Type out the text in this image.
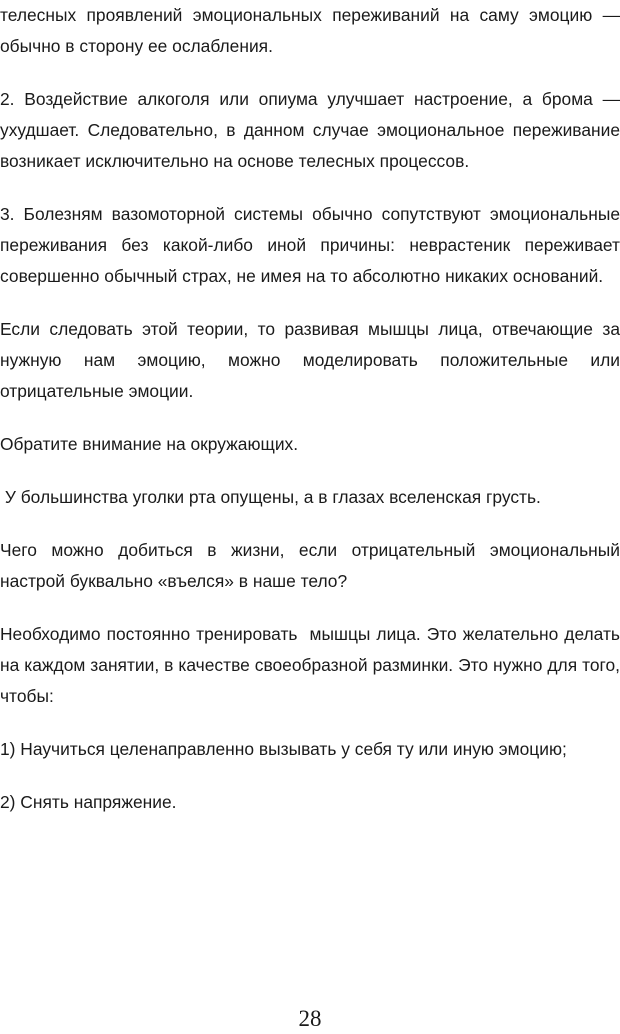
телесных проявлений эмоциональных переживаний на саму эмоцию — обычно в сторону ее ослабления.

2. Воздействие алкоголя или опиума улучшает настроение, а брома — ухудшает. Следовательно, в данном случае эмоциональное переживание возникает исключительно на основе телесных процессов.

3. Болезням вазомоторной системы обычно сопутствуют эмоциональные переживания без какой-либо иной причины: неврастеник переживает совершенно обычный страх, не имея на то абсолютно никаких оснований.

Если следовать этой теории, то развивая мышцы лица, отвечающие за нужную нам эмоцию, можно моделировать положительные или отрицательные эмоции.

Обратите внимание на окружающих.

У большинства уголки рта опущены, а в глазах вселенская грусть.

Чего можно добиться в жизни, если отрицательный эмоциональный настрой буквально «въелся» в наше тело?

Необходимо постоянно тренировать  мышцы лица. Это желательно делать на каждом занятии, в качестве своеобразной разминки. Это нужно для того, чтобы:

1) Научиться целенаправленно вызывать у себя ту или иную эмоцию;

2) Снять напряжение.

28
